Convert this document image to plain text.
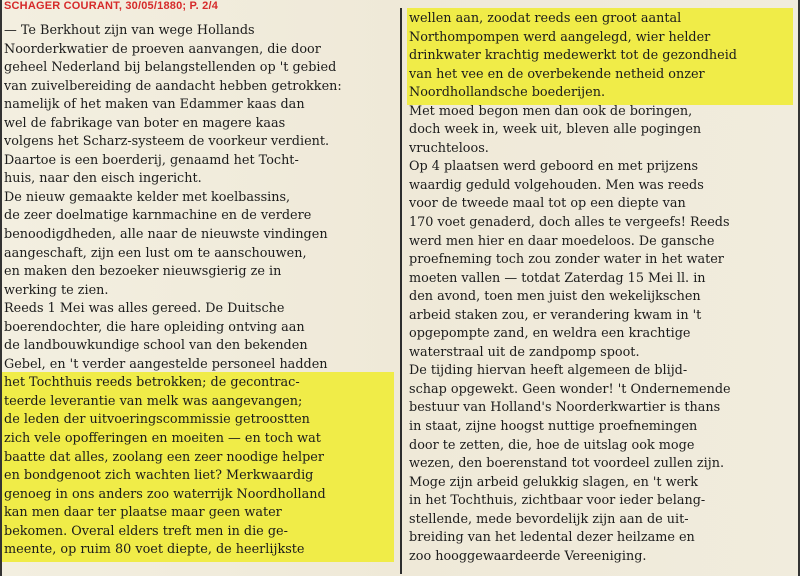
SCHAGER COURANT, 30/05/1880; P. 2/4
— Te Berkhout zijn van wege Hollands
Noorderkwatier de proeven aanvangen, die door
geheel Nederland bij belangstellenden op 't gebied
van zuivelbereiding de aandacht hebben getrokken:
namelijk of het maken van Edammer kaas dan
wel de fabrikage van boter en magere kaas
volgens het Scharz-systeem de voorkeur verdient.
Daartoe is een boerderij, genaamd het Tocht-
huis, naar den eisch ingericht.
De nieuw gemaakte kelder met koelbassins,
de zeer doelmatige karnmachine en de verdere
benoodigdheden, alle naar de nieuwste vindingen
aangeschaft, zijn een lust om te aanschouwen,
en maken den bezoeker nieuwsgierig ze in
werking te zien.
Reeds 1 Mei was alles gereed. De Duitsche
boerendochter, die hare opleiding ontving aan
de landbouwkundige school van den bekenden
Gebel, en 't verder aangestelde personeel hadden
het Tochthuis reeds betrokken; de gecontrac-
teerde leverantie van melk was aangevangen;
de leden der uitvoeringscommissie getroostten
zich vele opofferingen en moeiten — en toch wat
baatte dat alles, zoolang een zeer noodige helper
en bondgenoot zich wachten liet? Merkwaardig
genoeg in ons anders zoo waterrijk Noordholland
kan men daar ter plaatse maar geen water
bekomen. Overal elders treft men in die ge-
meente, op ruim 80 voet diepte, de heerlijkste
wellen aan, zoodat reeds een groot aantal
Northompompen werd aangelegd, wier helder
drinkwater krachtig medewerkt tot de gezondheid
van het vee en de overbekende netheid onzer
Noordhollandsche boederijen.
Met moed begon men dan ook de boringen,
doch week in, week uit, bleven alle pogingen
vruchteloos.
Op 4 plaatsen werd geboord en met prijzens
waardig geduld volgehouden. Men was reeds
voor de tweede maal tot op een diepte van
170 voet genaderd, doch alles te vergeefs! Reeds
werd men hier en daar moedeloos. De gansche
proefneming toch zou zonder water in het water
moeten vallen — totdat Zaterdag 15 Mei ll. in
den avond, toen men juist den wekelijkschen
arbeid staken zou, er verandering kwam in 't
opgepompte zand, en weldra een krachtige
waterstraal uit de zandpomp spoot.
De tijding hiervan heeft algemeen de blijd-
schap opgewekt. Geen wonder! 't Ondernemende
bestuur van Holland's Noorderkwartier is thans
in staat, zijne hoogst nuttige proefnemingen
door te zetten, die, hoe de uitslag ook moge
wezen, den boerenstand tot voordeel zullen zijn.
Moge zijn arbeid gelukkig slagen, en 't werk
in het Tochthuis, zichtbaar voor ieder belang-
stellende, mede bevordelijk zijn aan de uit-
breiding van het ledental dezer heilzame en
zoo hooggewaardeerde Vereeniging.
